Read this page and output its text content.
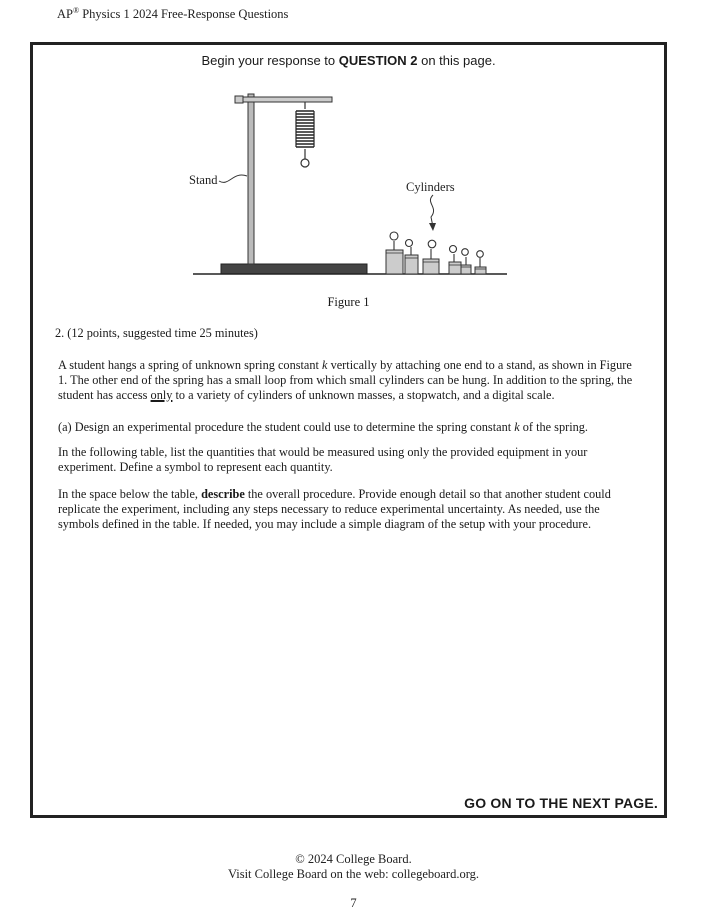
AP® Physics 1 2024 Free-Response Questions
Begin your response to QUESTION 2 on this page.
Stand	Cylinders
Figure 1
2. (12 points, suggested time 25 minutes)
A student hangs a spring of unknown spring constant k vertically by attaching one end to a stand, as shown in Figure 1. The other end of the spring has a small loop from which small cylinders can be hung. In addition to the spring, the student has access only to a variety of cylinders of unknown masses, a stopwatch, and a digital scale.
(a) Design an experimental procedure the student could use to determine the spring constant k of the spring.
In the following table, list the quantities that would be measured using only the provided equipment in your experiment. Define a symbol to represent each quantity.
In the space below the table, describe the overall procedure. Provide enough detail so that another student could replicate the experiment, including any steps necessary to reduce experimental uncertainty. As needed, use the symbols defined in the table. If needed, you may include a simple diagram of the setup with your procedure.
GO ON TO THE NEXT PAGE.
© 2024 College Board.
Visit College Board on the web: collegeboard.org.
7
